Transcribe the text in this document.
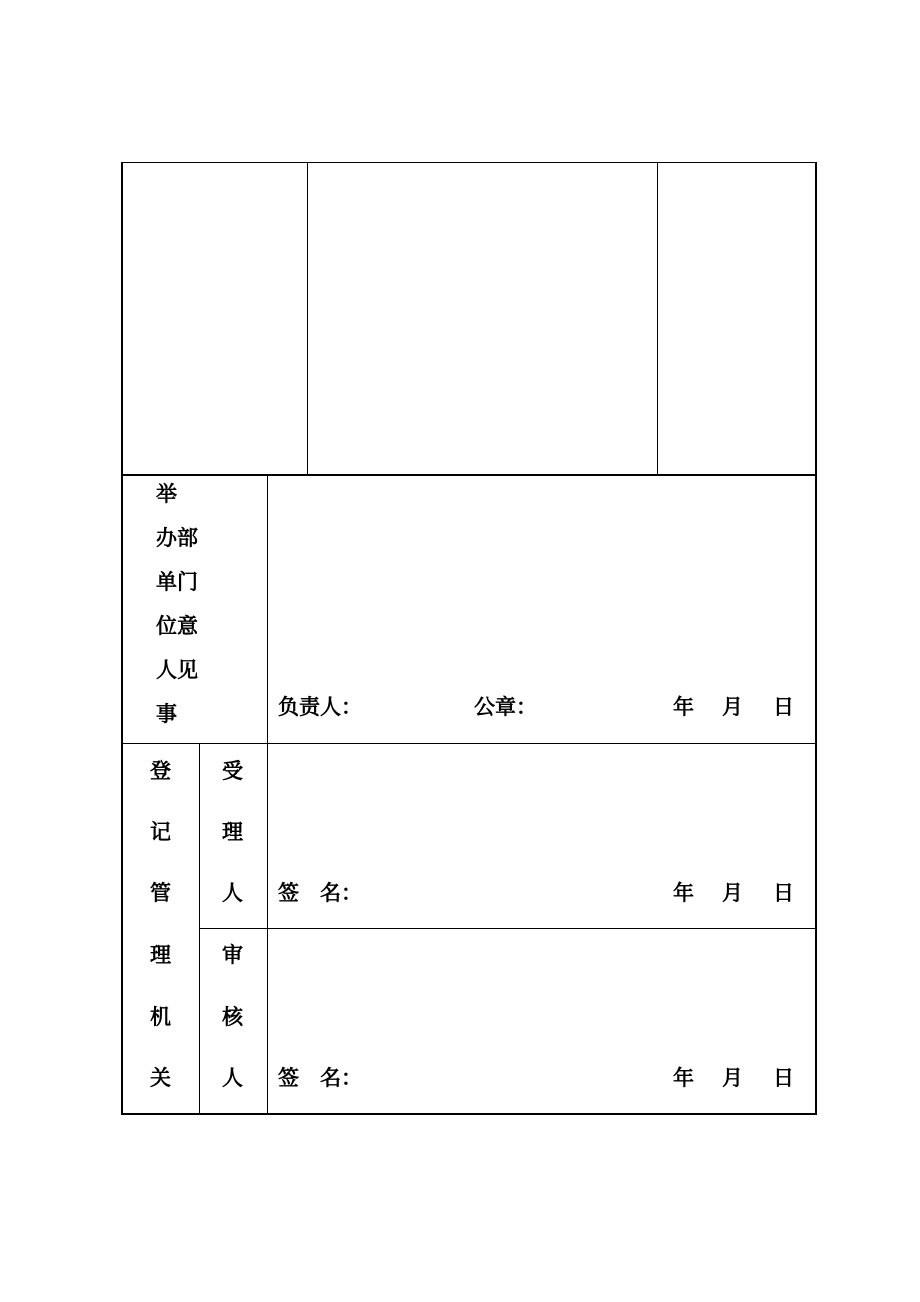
举
办部
单门
位意
人见
事	负责人：	公章：	年 月 日
登
记
管
理
机
关
受
理
人 签　名：	年 月 日
审
核
人 签　名：	年 月 日
